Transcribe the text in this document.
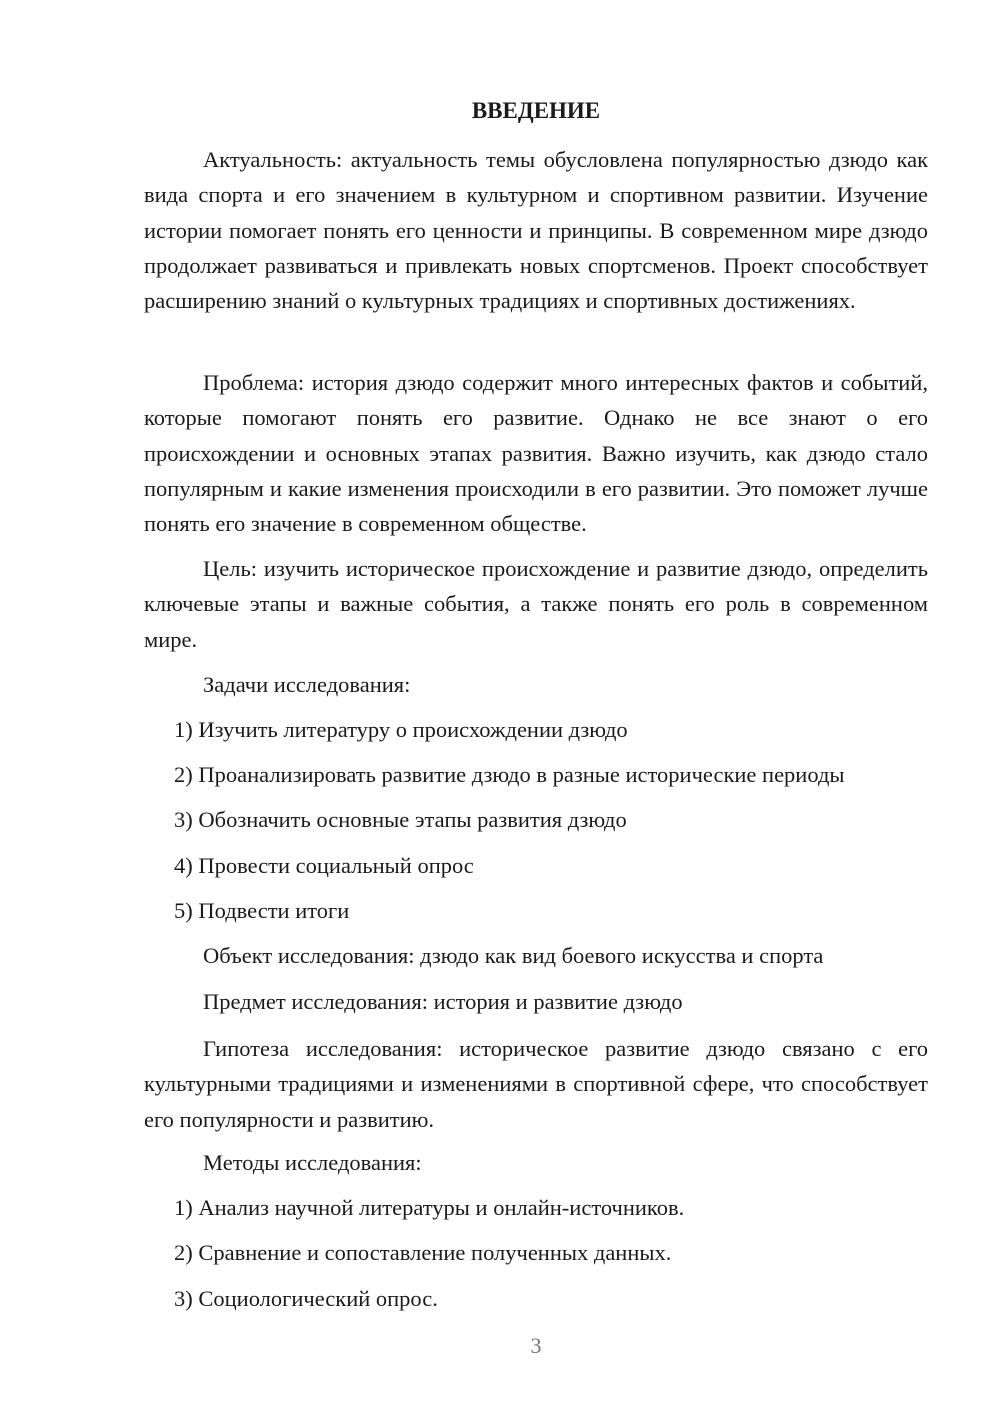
ВВЕДЕНИЕ

Актуальность: актуальность темы обусловлена популярностью дзюдо как вида спорта и его значением в культурном и спортивном развитии. Изучение истории помогает понять его ценности и принципы. В современном мире дзюдо продолжает развиваться и привлекать новых спортсменов. Проект способствует расширению знаний о культурных традициях и спортивных достижениях.

Проблема: история дзюдо содержит много интересных фактов и событий, которые помогают понять его развитие. Однако не все знают о его происхождении и основных этапах развития. Важно изучить, как дзюдо стало популярным и какие изменения происходили в его развитии. Это поможет лучше понять его значение в современном обществе.

Цель: изучить историческое происхождение и развитие дзюдо, определить ключевые этапы и важные события, а также понять его роль в современном мире.

Задачи исследования:
1) Изучить литературу о происхождении дзюдо
2) Проанализировать развитие дзюдо в разные исторические периоды
3) Обозначить основные этапы развития дзюдо
4) Провести социальный опрос
5) Подвести итоги
Объект исследования: дзюдо как вид боевого искусства и спорта
Предмет исследования: история и развитие дзюдо

Гипотеза исследования: историческое развитие дзюдо связано с его культурными традициями и изменениями в спортивной сфере, что способствует его популярности и развитию.

Методы исследования:
1) Анализ научной литературы и онлайн-источников.
2) Сравнение и сопоставление полученных данных.
3) Социологический опрос.
3
